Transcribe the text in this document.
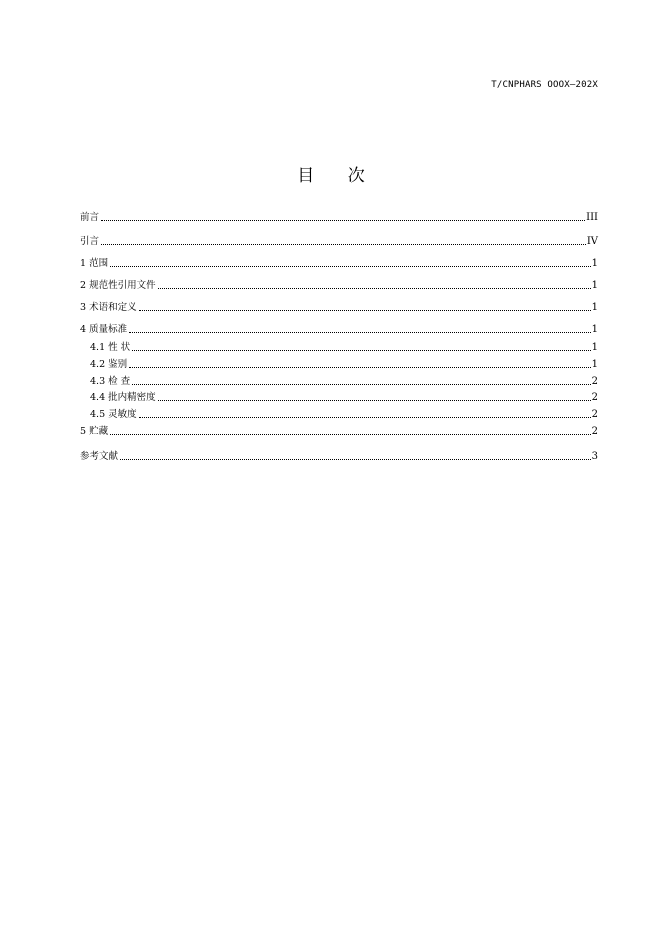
T/CNPHARS OOOX—202X
目 次
前言	III
引言	IV
1 范围	1
2 规范性引用文件	1
3 术语和定义	1
4 质量标准	1
4.1 性 状	1
4.2 鉴别	1
4.3 检 查	2
4.4 批内精密度	2
4.5 灵敏度	2
5 贮藏	2
参考文献	3
